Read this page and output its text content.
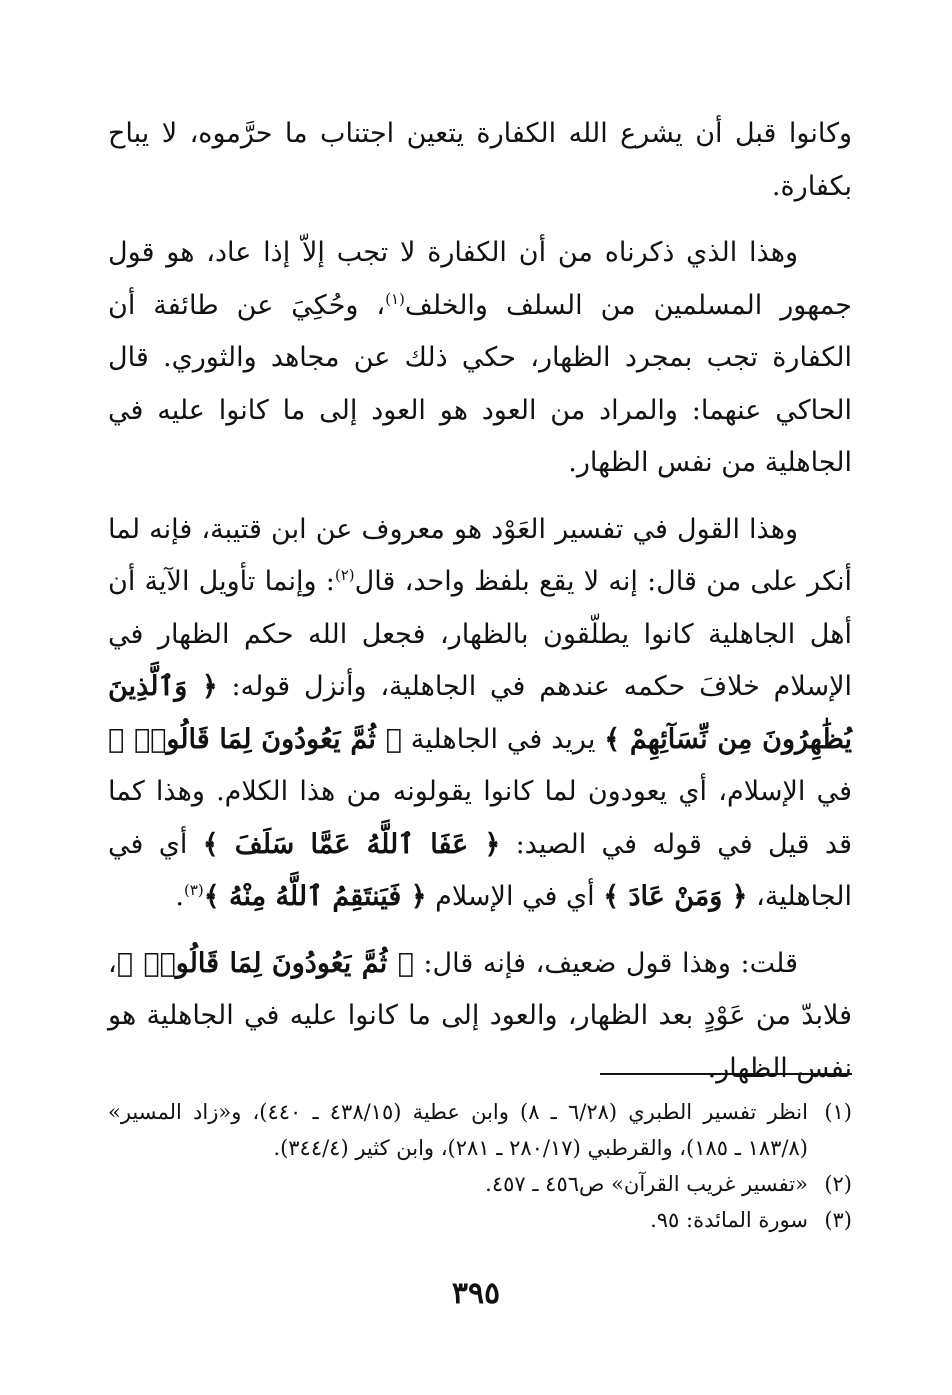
وكانوا قبل أن يشرع الله الكفارة يتعين اجتناب ما حرَّموه، لا يباح بكفارة.

وهذا الذي ذكرناه من أن الكفارة لا تجب إلاّ إذا عاد، هو قول جمهور المسلمين من السلف والخلف$^{(١)}$، وحُكِيَ عن طائفة أن الكفارة تجب بمجرد الظهار، حكي ذلك عن مجاهد والثوري. قال الحاكي عنهما: والمراد من العود هو العود إلى ما كانوا عليه في الجاهلية من نفس الظهار.

وهذا القول في تفسير العَوْد هو معروف عن ابن قتيبة، فإنه لما أنكر على من قال: إنه لا يقع بلفظ واحد، قال$^{(٢)}$: وإنما تأويل الآية أن أهل الجاهلية كانوا يطلّقون بالظهار، فجعل الله حكم الظهار في الإسلام خلافَ حكمه عندهم في الجاهلية، وأنزل قوله: ﴿ وَٱلَّذِينَ يُظَٰهِرُونَ مِن نِّسَآئِهِمْ ﴾ يريد في الجاهلية ﴿ ثُمَّ يَعُودُونَ لِمَا قَالُوا۟ ﴾ في الإسلام، أي يعودون لما كانوا يقولونه من هذا الكلام. وهذا كما قد قيل في قوله في الصيد: ﴿ عَفَا ٱللَّهُ عَمَّا سَلَفَ ﴾ أي في الجاهلية، ﴿ وَمَنْ عَادَ ﴾ أي في الإسلام ﴿ فَيَنتَقِمُ ٱللَّهُ مِنْهُ ﴾$^{(٣)}$.

قلت: وهذا قول ضعيف، فإنه قال: ﴿ ثُمَّ يَعُودُونَ لِمَا قَالُوا۟ ﴾، فلابدّ من عَوْدٍ بعد الظهار، والعود إلى ما كانوا عليه في الجاهلية هو نفس الظهار.

(١)
انظر تفسير الطبري (٦/٢٨ ـ ٨) وابن عطية (٤٣٨/١٥ ـ ٤٤٠)، و«زاد المسير» (١٨٣/٨ ـ ١٨٥)، والقرطبي (٢٨٠/١٧ ـ ٢٨١)، وابن كثير (٣٤٤/٤).
(٢)
«تفسير غريب القرآن» ص٤٥٦ ـ ٤٥٧.
(٣)
سورة المائدة: ٩٥.
٣٩٥
